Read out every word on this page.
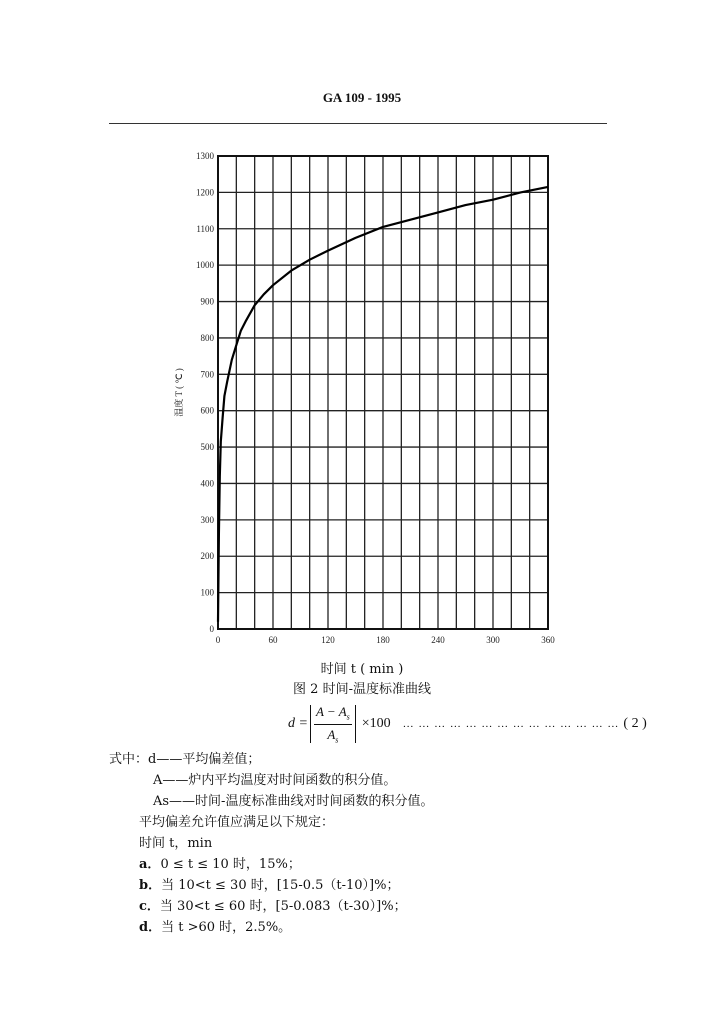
GA 109 - 1995
0
100
200
300
400
500
600
700
800
900
1000
1100
1200
1300
0	60	120	180	240	300	360
温度 T ( ℃ )
时间 t ( min )
图 2 时间-温度标准曲线
$d = \frac{A - A_s}{A_s} \times 100$ … … … … … … … … … … … … … … ( 2 )
式中：d——平均偏差值；
A——炉内平均温度对时间函数的积分值。
As——时间-温度标准曲线对时间函数的积分值。
平均偏差允许值应满足以下规定：
时间 t，min
a．0 ≤ t ≤ 10 时，15%；
b．当 10<t ≤ 30 时，[15-0.5（t-10）]%；
c．当 30<t ≤ 60 时，[5-0.083（t-30）]%；
d．当 t >60 时，2.5%。
